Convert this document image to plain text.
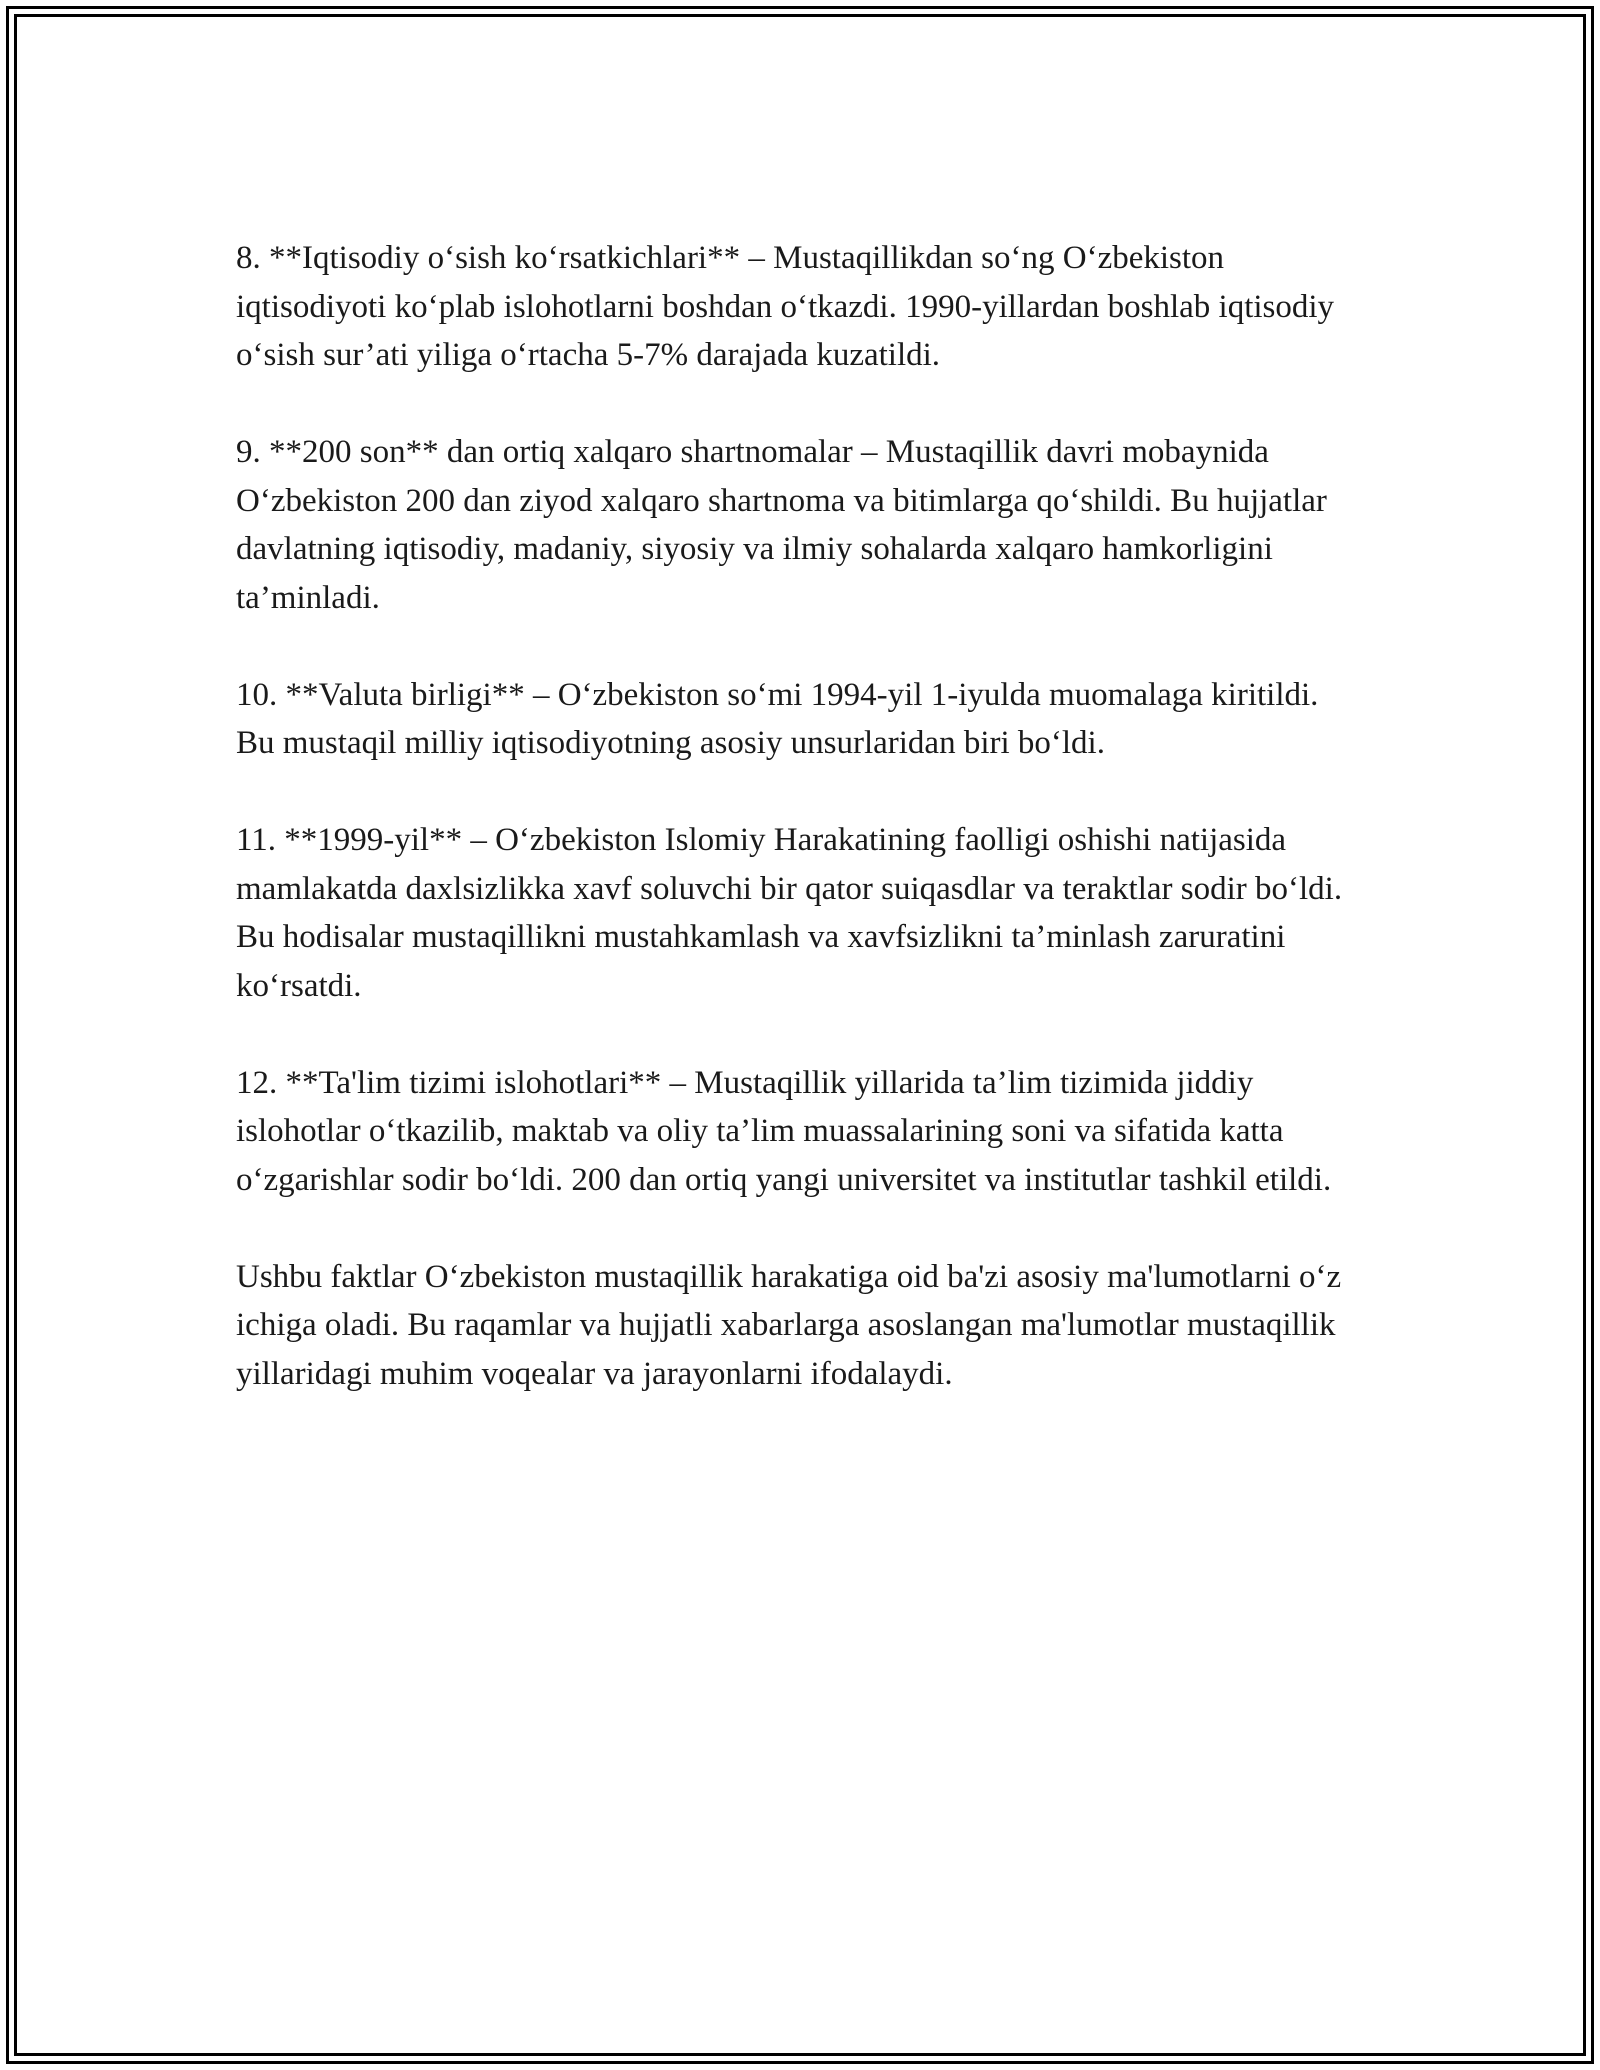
8. **Iqtisodiy o‘sish ko‘rsatkichlari** – Mustaqillikdan so‘ng O‘zbekiston iqtisodiyoti ko‘plab islohotlarni boshdan o‘tkazdi. 1990-yillardan boshlab iqtisodiy o‘sish sur’ati yiliga o‘rtacha 5-7% darajada kuzatildi.

9. **200 son** dan ortiq xalqaro shartnomalar – Mustaqillik davri mobaynida O‘zbekiston 200 dan ziyod xalqaro shartnoma va bitimlarga qo‘shildi. Bu hujjatlar davlatning iqtisodiy, madaniy, siyosiy va ilmiy sohalarda xalqaro hamkorligini ta’minladi.

10. **Valuta birligi** – O‘zbekiston so‘mi 1994-yil 1-iyulda muomalaga kiritildi. Bu mustaqil milliy iqtisodiyotning asosiy unsurlaridan biri bo‘ldi.

11. **1999-yil** – O‘zbekiston Islomiy Harakatining faolligi oshishi natijasida mamlakatda daxlsizlikka xavf soluvchi bir qator suiqasdlar va teraktlar sodir bo‘ldi. Bu hodisalar mustaqillikni mustahkamlash va xavfsizlikni ta’minlash zaruratini ko‘rsatdi.

12. **Ta'lim tizimi islohotlari** – Mustaqillik yillarida ta’lim tizimida jiddiy islohotlar o‘tkazilib, maktab va oliy ta’lim muassalarining soni va sifatida katta o‘zgarishlar sodir bo‘ldi. 200 dan ortiq yangi universitet va institutlar tashkil etildi.

Ushbu faktlar O‘zbekiston mustaqillik harakatiga oid ba'zi asosiy ma'lumotlarni o‘z ichiga oladi. Bu raqamlar va hujjatli xabarlarga asoslangan ma'lumotlar mustaqillik yillaridagi muhim voqealar va jarayonlarni ifodalaydi.
